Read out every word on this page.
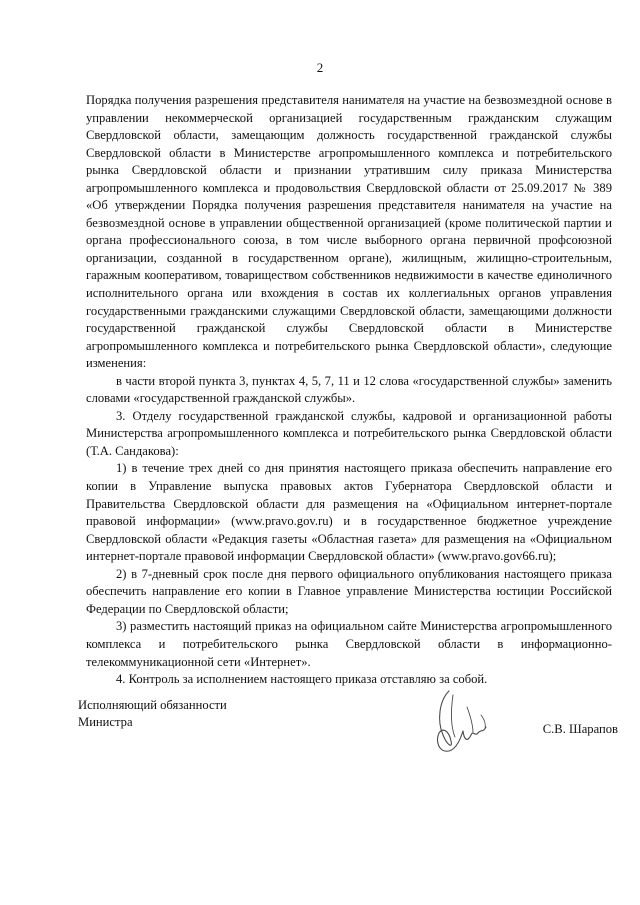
2

Порядка получения разрешения представителя нанимателя на участие на безвозмездной основе в управлении некоммерческой организацией государственным гражданским служащим Свердловской области, замещающим должность государственной гражданской службы Свердловской области в Министерстве агропромышленного комплекса и потребительского рынка Свердловской области и признании утратившим силу приказа Министерства агропромышленного комплекса и продовольствия Свердловской области от 25.09.2017 № 389 «Об утверждении Порядка получения разрешения представителя нанимателя на участие на безвозмездной основе в управлении общественной организацией (кроме политической партии и органа профессионального союза, в том числе выборного органа первичной профсоюзной организации, созданной в государственном органе), жилищным, жилищно-строительным, гаражным кооперативом, товариществом собственников недвижимости в качестве единоличного исполнительного органа или вхождения в состав их коллегиальных органов управления государственными гражданскими служащими Свердловской области, замещающими должности государственной гражданской службы Свердловской области в Министерстве агропромышленного комплекса и потребительского рынка Свердловской области», следующие изменения:

в части второй пункта 3, пунктах 4, 5, 7, 11 и 12 слова «государственной службы» заменить словами «государственной гражданской службы».

3. Отделу государственной гражданской службы, кадровой и организационной работы Министерства агропромышленного комплекса и потребительского рынка Свердловской области (Т.А. Сандакова):

1) в течение трех дней со дня принятия настоящего приказа обеспечить направление его копии в Управление выпуска правовых актов Губернатора Свердловской области и Правительства Свердловской области для размещения на «Официальном интернет-портале правовой информации» (www.pravo.gov.ru) и в государственное бюджетное учреждение Свердловской области «Редакция газеты «Областная газета» для размещения на «Официальном интернет-портале правовой информации Свердловской области» (www.pravo.gov66.ru);

2) в 7-дневный срок после дня первого официального опубликования настоящего приказа обеспечить направление его копии в Главное управление Министерства юстиции Российской Федерации по Свердловской области;

3) разместить настоящий приказ на официальном сайте Министерства агропромышленного комплекса и потребительского рынка Свердловской области в информационно-телекоммуникационной сети «Интернет».

4. Контроль за исполнением настоящего приказа отставляю за собой.

Исполняющий обязанности
Министра	С.В. Шарапов
